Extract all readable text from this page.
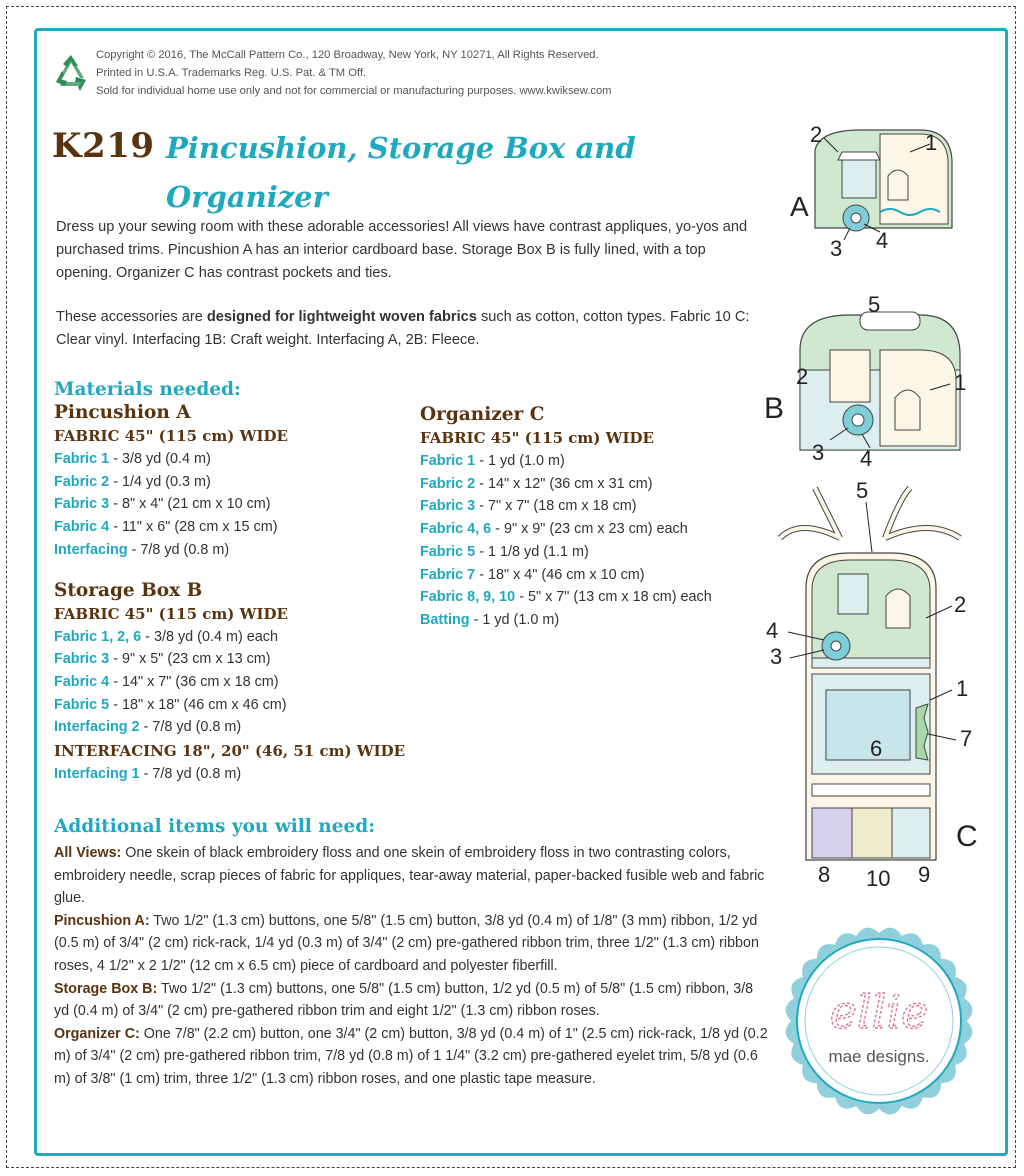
Copyright © 2016, The McCall Pattern Co., 120 Broadway, New York, NY 10271, All Rights Reserved.
Printed in U.S.A. Trademarks Reg. U.S. Pat. & TM Off.
Sold for individual home use only and not for commercial or manufacturing purposes. www.kwiksew.com
K219 Pincushion, Storage Box and Organizer
Dress up your sewing room with these adorable accessories! All views have contrast appliques, yo-yos and purchased trims. Pincushion A has an interior cardboard base. Storage Box B is fully lined, with a top opening. Organizer C has contrast pockets and ties.
These accessories are designed for lightweight woven fabrics such as cotton, cotton types. Fabric 10 C: Clear vinyl. Interfacing 1B: Craft weight. Interfacing A, 2B: Fleece.
Materials needed:
Pincushion A
FABRIC 45" (115 cm) WIDE
Fabric 1 - 3/8 yd (0.4 m)
Fabric 2 - 1/4 yd (0.3 m)
Fabric 3 - 8" x 4" (21 cm x 10 cm)
Fabric 4 - 11" x 6" (28 cm x 15 cm)
Interfacing - 7/8 yd (0.8 m)
Storage Box B
FABRIC 45" (115 cm) WIDE
Fabric 1, 2, 6 - 3/8 yd (0.4 m) each
Fabric 3 - 9" x 5" (23 cm x 13 cm)
Fabric 4 - 14" x 7" (36 cm x 18 cm)
Fabric 5 - 18" x 18" (46 cm x 46 cm)
Interfacing 2 - 7/8 yd (0.8 m)
INTERFACING 18", 20" (46, 51 cm) WIDE
Interfacing 1 - 7/8 yd (0.8 m)
Organizer C
FABRIC 45" (115 cm) WIDE
Fabric 1 - 1 yd (1.0 m)
Fabric 2 - 14" x 12" (36 cm x 31 cm)
Fabric 3 - 7" x 7" (18 cm x 18 cm)
Fabric 4, 6 - 9" x 9" (23 cm x 23 cm) each
Fabric 5 - 1 1/8 yd (1.1 m)
Fabric 7 - 18" x 4" (46 cm x 10 cm)
Fabric 8, 9, 10 - 5" x 7" (13 cm x 18 cm) each
Batting - 1 yd (1.0 m)
Additional items you will need:
All Views: One skein of black embroidery floss and one skein of embroidery floss in two contrasting colors, embroidery needle, scrap pieces of fabric for appliques, tear-away material, paper-backed fusible web and fabric glue.
Pincushion A: Two 1/2" (1.3 cm) buttons, one 5/8" (1.5 cm) button, 3/8 yd (0.4 m) of 1/8" (3 mm) ribbon, 1/2 yd (0.5 m) of 3/4" (2 cm) rick-rack, 1/4 yd (0.3 m) of 3/4" (2 cm) pre-gathered ribbon trim, three 1/2" (1.3 cm) ribbon roses, 4 1/2" x 2 1/2" (12 cm x 6.5 cm) piece of cardboard and polyester fiberfill.
Storage Box B: Two 1/2" (1.3 cm) buttons, one 5/8" (1.5 cm) button, 1/2 yd (0.5 m) of 5/8" (1.5 cm) ribbon, 3/8 yd (0.4 m) of 3/4" (2 cm) pre-gathered ribbon trim and eight 1/2" (1.3 cm) ribbon roses.
Organizer C: One 7/8" (2.2 cm) button, one 3/4" (2 cm) button, 3/8 yd (0.4 m) of 1" (2.5 cm) rick-rack, 1/8 yd (0.2 m) of 3/4" (2 cm) pre-gathered ribbon trim, 7/8 yd (0.8 m) of 1 1/4" (3.2 cm) pre-gathered eyelet trim, 5/8 yd (0.6 m) of 3/8" (1 cm) trim, three 1/2" (1.3 cm) ribbon roses, and one plastic tape measure.
A
1
2
3 4
B
1
2
3 4
5
C
1
2
3
4
5
6	7
8 10 9
ellie
mae designs.
